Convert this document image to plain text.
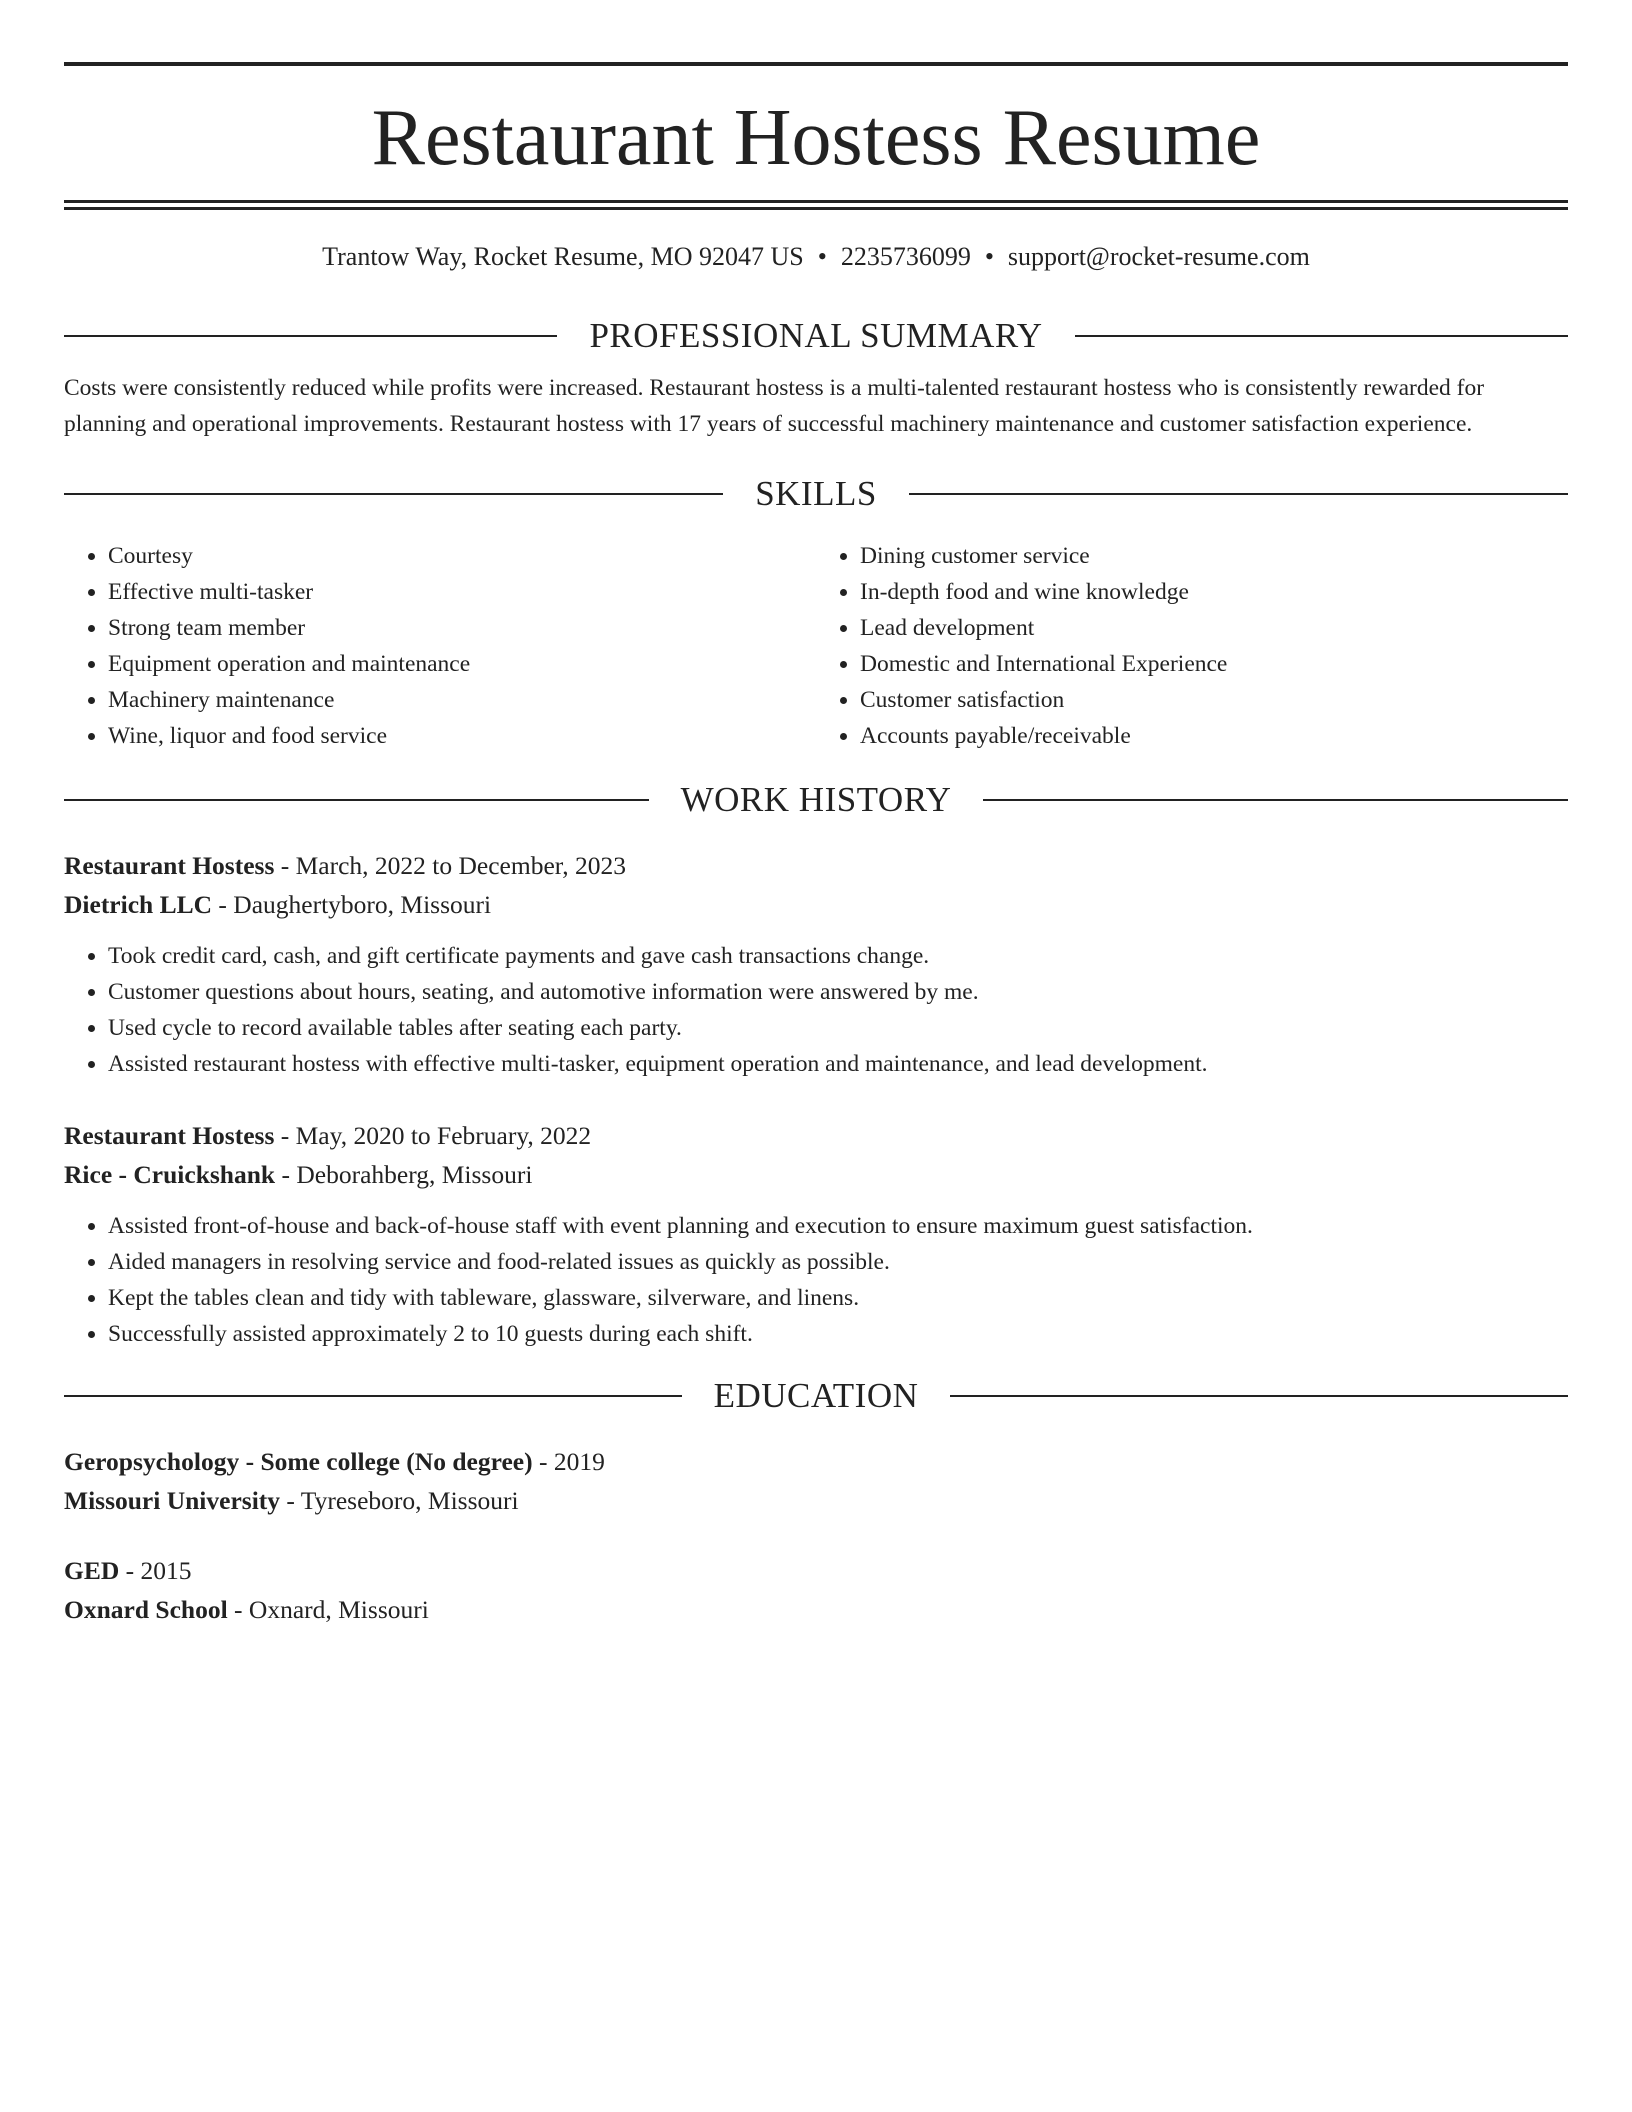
Restaurant Hostess Resume
Trantow Way, Rocket Resume, MO 92047 US • 2235736099 • support@rocket-resume.com
PROFESSIONAL SUMMARY
Costs were consistently reduced while profits were increased. Restaurant hostess is a multi-talented restaurant hostess who is consistently rewarded for planning and operational improvements. Restaurant hostess with 17 years of successful machinery maintenance and customer satisfaction experience.
SKILLS
• Courtesy
• Effective multi-tasker
• Strong team member
• Equipment operation and maintenance
• Machinery maintenance
• Wine, liquor and food service
• Dining customer service
• In-depth food and wine knowledge
• Lead development
• Domestic and International Experience
• Customer satisfaction
• Accounts payable/receivable
WORK HISTORY
Restaurant Hostess - March, 2022 to December, 2023
Dietrich LLC - Daughertyboro, Missouri
• Took credit card, cash, and gift certificate payments and gave cash transactions change.
• Customer questions about hours, seating, and automotive information were answered by me.
• Used cycle to record available tables after seating each party.
• Assisted restaurant hostess with effective multi-tasker, equipment operation and maintenance, and lead development.
Restaurant Hostess - May, 2020 to February, 2022
Rice - Cruickshank - Deborahberg, Missouri
• Assisted front-of-house and back-of-house staff with event planning and execution to ensure maximum guest satisfaction.
• Aided managers in resolving service and food-related issues as quickly as possible.
• Kept the tables clean and tidy with tableware, glassware, silverware, and linens.
• Successfully assisted approximately 2 to 10 guests during each shift.
EDUCATION
Geropsychology - Some college (No degree) - 2019
Missouri University - Tyreseboro, Missouri
GED - 2015
Oxnard School - Oxnard, Missouri
